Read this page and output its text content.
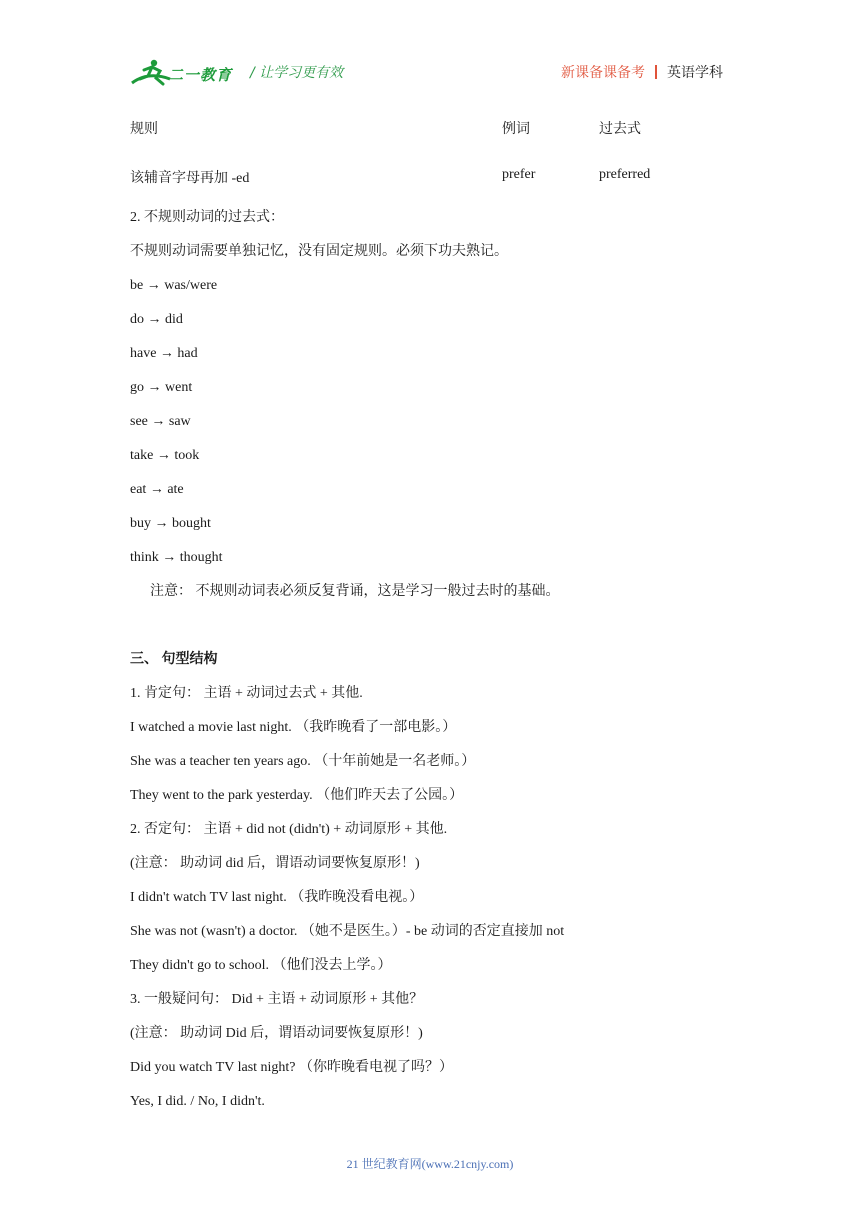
二一教育 / 让学习更有效	新课备课备考 英语学科
规则	例词	过去式
该辅音字母再加 -ed	prefer	preferred
2. 不规则动词的过去式：
不规则动词需要单独记忆，没有固定规则。必须下功夫熟记。
be → was/were
do → did
have → had
go → went
see → saw
take → took
eat → ate
buy → bought
think → thought
注意： 不规则动词表必须反复背诵，这是学习一般过去时的基础。
三、 句型结构
1. 肯定句： 主语 + 动词过去式 + 其他.
I watched a movie last night. （我昨晚看了一部电影。）
She was a teacher ten years ago. （十年前她是一名老师。）
They went to the park yesterday. （他们昨天去了公园。）
2. 否定句： 主语 + did not (didn't) + 动词原形 + 其他.
(注意： 助动词 did 后，谓语动词要恢复原形！)
I didn't watch TV last night. （我昨晚没看电视。）
She was not (wasn't) a doctor. （她不是医生。）- be 动词的否定直接加 not
They didn't go to school. （他们没去上学。）
3. 一般疑问句： Did + 主语 + 动词原形 + 其他？
(注意： 助动词 Did 后，谓语动词要恢复原形！)
Did you watch TV last night? （你昨晚看电视了吗？）
Yes, I did. / No, I didn't.
21 世纪教育网(www.21cnjy.com)
